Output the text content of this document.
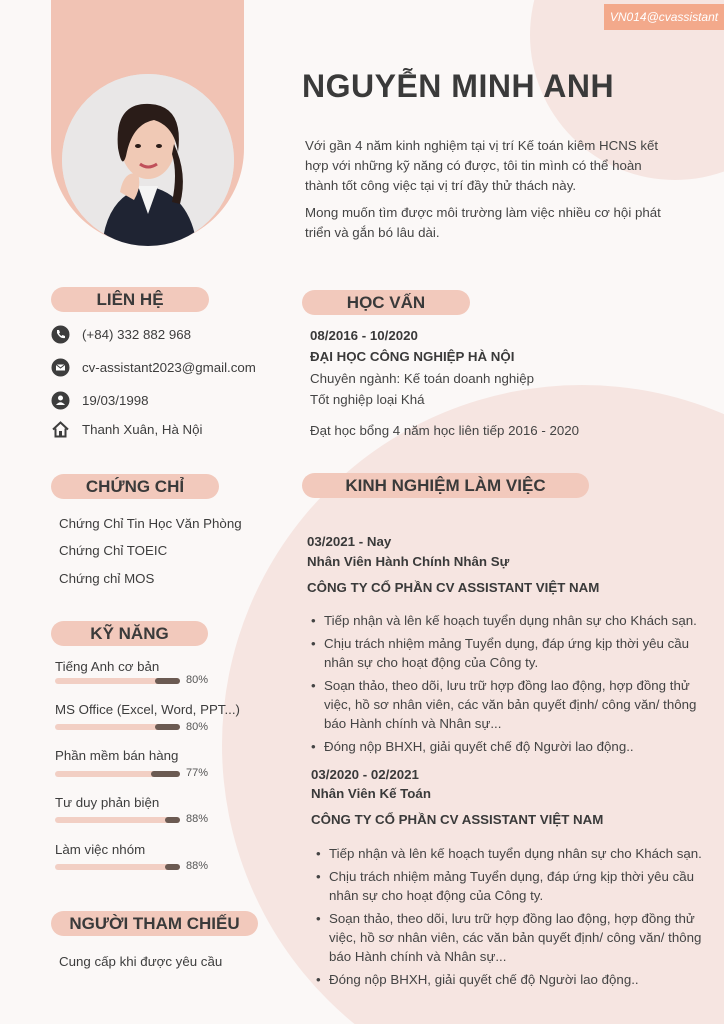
VN014@cvassistant
NGUYỄN MINH ANH

Với gần 4 năm kinh nghiệm tại vị trí Kế toán kiêm HCNS kết hợp với những kỹ năng có được, tôi tin mình có thể hoàn thành tốt công việc tại vị trí đầy thử thách này.

Mong muốn tìm được môi trường làm việc nhiều cơ hội phát triển và gắn bó lâu dài.

LIÊN HỆ
(+84) 332 882 968
cv-assistant2023@gmail.com
19/03/1998
Thanh Xuân, Hà Nội
CHỨNG CHỈ
Chứng Chỉ Tin Học Văn Phòng
Chứng Chỉ TOEIC
Chứng chỉ MOS
KỸ NĂNG
Tiếng Anh cơ bản
80%
MS Office (Excel, Word, PPT...)
80%
Phần mềm bán hàng
77%
Tư duy phản biện
88%
Làm việc nhóm
88%
NGƯỜI THAM CHIẾU
Cung cấp khi được yêu cầu
HỌC VẤN
08/2016 - 10/2020
ĐẠI HỌC CÔNG NGHIỆP HÀ NỘI
Chuyên ngành: Kế toán doanh nghiệp
Tốt nghiệp loại Khá
Đạt học bổng 4 năm học liên tiếp 2016 - 2020
KINH NGHIỆM LÀM VIỆC
03/2021 - Nay
Nhân Viên Hành Chính Nhân Sự
CÔNG TY CỔ PHẦN CV ASSISTANT VIỆT NAM
• Tiếp nhận và lên kế hoạch tuyển dụng nhân sự cho Khách sạn.
• Chịu trách nhiệm mảng Tuyển dụng, đáp ứng kịp thời yêu cầu nhân sự cho hoạt động của Công ty.
• Soạn thảo, theo dõi, lưu trữ hợp đồng lao động, hợp đồng thử việc, hồ sơ nhân viên, các văn bản quyết định/ công văn/ thông báo Hành chính và Nhân sự...
• Đóng nộp BHXH, giải quyết chế độ Người lao động..
03/2020 - 02/2021
Nhân Viên Kế Toán
CÔNG TY CỔ PHẦN CV ASSISTANT VIỆT NAM
• Tiếp nhận và lên kế hoạch tuyển dụng nhân sự cho Khách sạn.
• Chịu trách nhiệm mảng Tuyển dụng, đáp ứng kịp thời yêu cầu nhân sự cho hoạt động của Công ty.
• Soạn thảo, theo dõi, lưu trữ hợp đồng lao động, hợp đồng thử việc, hồ sơ nhân viên, các văn bản quyết định/ công văn/ thông báo Hành chính và Nhân sự...
• Đóng nộp BHXH, giải quyết chế độ Người lao động..
